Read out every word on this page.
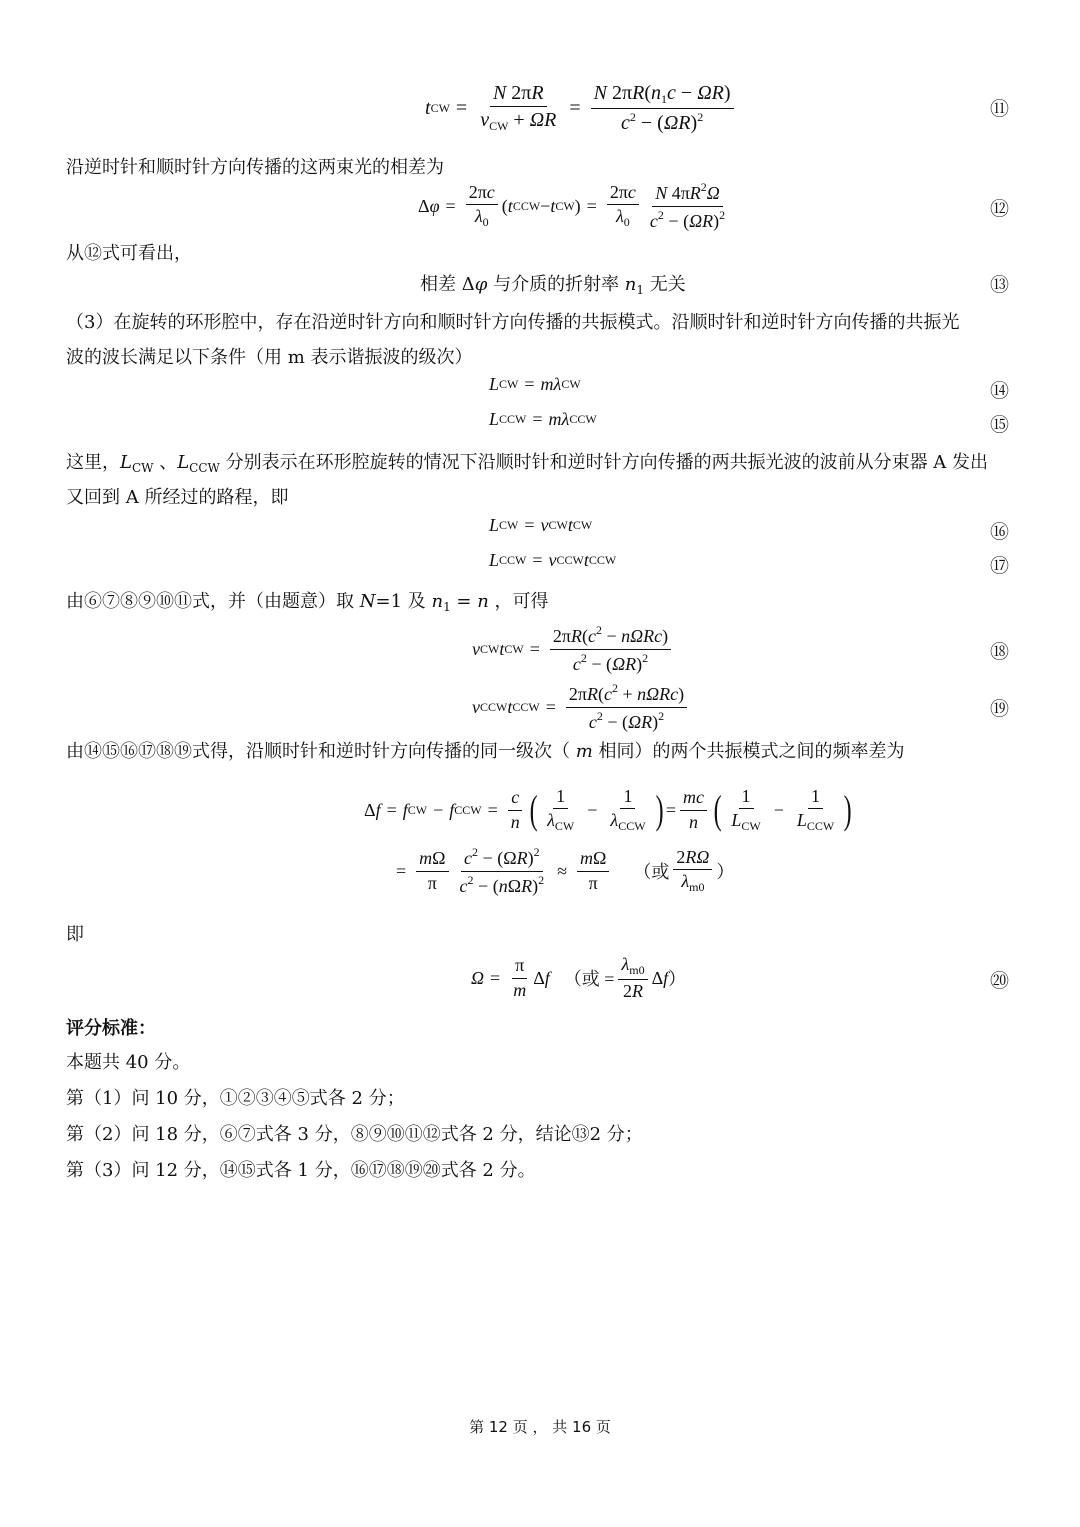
t CW = $\frac{N 2\pi R}{v_{CW} + \Omega R} = \frac{N 2\pi R(n_1c - \Omega R)}{c^2 - (\Omega R)^2}$	⑪
沿逆时针和顺时针方向传播的这两束光的相差为
Δ $\varphi = \frac{2\pi c}{\lambda_0}$ ( t CCW − t CW ) = $\frac{2\pi c}{\lambda_0} \frac{N 4\pi R^2\Omega}{c^2 - (\Omega R)^2}$	⑫
从⑫式可看出，
相差 Δφ 与介质的折射率 $n_1$ 无关	⑬
（3）在旋转的环形腔中，存在沿逆时针方向和顺时针方向传播的共振模式。沿顺时针和逆时针方向传播的共振光
波的波长满足以下条件（用 m 表示谐振波的级次）
L CW = mλ CW	⑭
L CCW = mλ CCW	⑮
这里，$L_{CW}$ 、$L_{CCW}$ 分别表示在环形腔旋转的情况下沿顺时针和逆时针方向传播的两共振光波的波前从分束器 A 发出
又回到 A 所经过的路程，即
L CW = v CW t CW	⑯
L CCW = v CCW t CCW	⑰
由⑥⑦⑧⑨⑩⑪式，并（由题意）取 N=1 及 $n_1 = n$ ，可得
v CW t CW = $\frac{2\pi R(c^2 - n\Omega Rc)}{c^2 - (\Omega R)^2}$	⑱
v CCW t CCW = $\frac{2\pi R(c^2 + n\Omega Rc)}{c^2 - (\Omega R)^2}$	⑲
由⑭⑮⑯⑰⑱⑲式得，沿顺时针和逆时针方向传播的同一级次（ m 相同）的两个共振模式之间的频率差为
Δ f = f CW − f CCW = $\frac{c}{n}$ ( $\frac{1}{\lambda_{CW}} - \frac{1}{\lambda_{CCW}}$ ) = $\frac{mc}{n}$ ( $\frac{1}{L_{CW}} - \frac{1}{L_{CCW}}$ )
= $\frac{m\Omega}{\pi} \frac{c^2 - (\Omega R)^2}{c^2 - (n\Omega R)^2} \approx \frac{m\Omega}{\pi}$ （或 $\frac{2R\Omega}{\lambda_{m0}}$ ）
即
$\Omega = \frac{\pi}{m}$ Δ f （或 = $\frac{\lambda_{m0}}{2R}$ Δ f ）	⑳
评分标准：
本题共 40 分。
第（1）问 10 分，①②③④⑤式各 2 分；
第（2）问 18 分，⑥⑦式各 3 分，⑧⑨⑩⑪⑫式各 2 分，结论⑬2 分；
第（3）问 12 分，⑭⑮式各 1 分，⑯⑰⑱⑲⑳式各 2 分。
第 12 页 ， 共 16 页
